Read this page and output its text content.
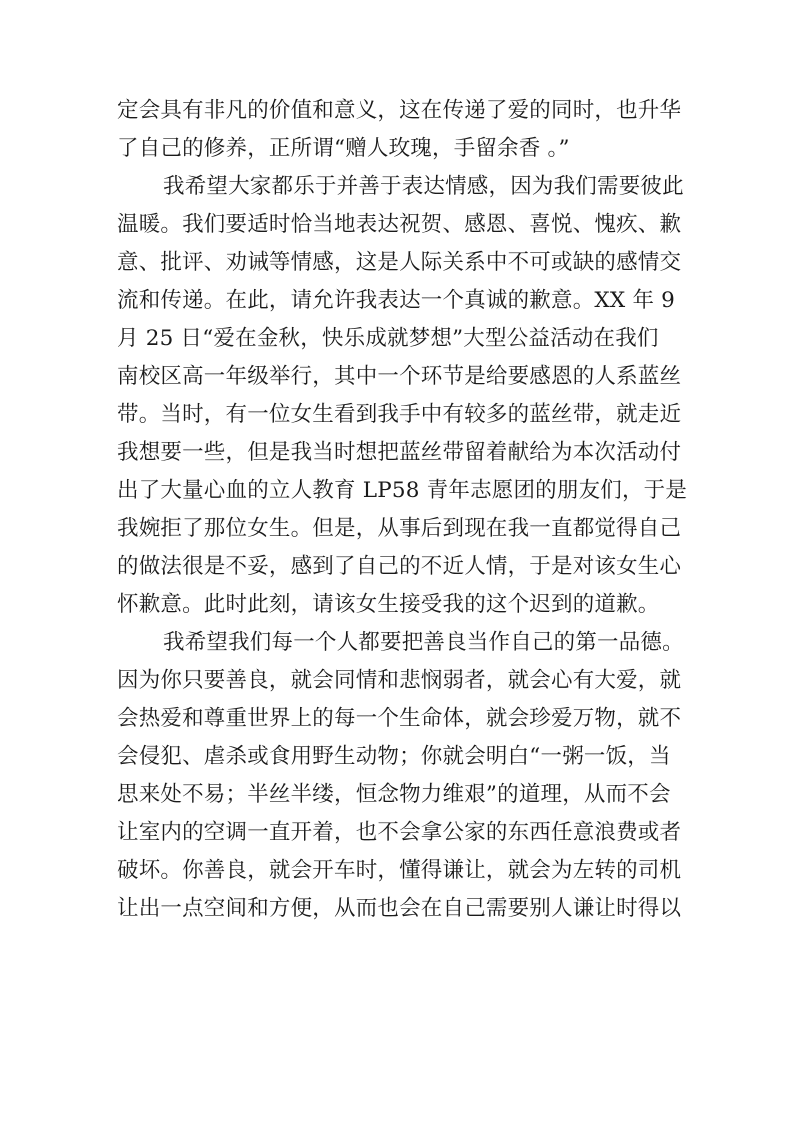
定会具有非凡的价值和意义，这在传递了爱的同时，也升华
了自己的修养，正所谓“赠人玫瑰，手留余香 。”
我希望大家都乐于并善于表达情感，因为我们需要彼此
温暖。我们要适时恰当地表达祝贺、感恩、喜悦、愧疚、歉
意、批评、劝诫等情感，这是人际关系中不可或缺的感情交
流和传递。在此，请允许我表达一个真诚的歉意。XX 年 9
月 25 日“爱在金秋，快乐成就梦想”大型公益活动在我们
南校区高一年级举行，其中一个环节是给要感恩的人系蓝丝
带。当时，有一位女生看到我手中有较多的蓝丝带，就走近
我想要一些，但是我当时想把蓝丝带留着献给为本次活动付
出了大量心血的立人教育 LP58 青年志愿团的朋友们，于是
我婉拒了那位女生。但是，从事后到现在我一直都觉得自己
的做法很是不妥，感到了自己的不近人情，于是对该女生心
怀歉意。此时此刻，请该女生接受我的这个迟到的道歉。
我希望我们每一个人都要把善良当作自己的第一品德。
因为你只要善良，就会同情和悲悯弱者，就会心有大爱，就
会热爱和尊重世界上的每一个生命体，就会珍爱万物，就不
会侵犯、虐杀或食用野生动物；你就会明白“一粥一饭，当
思来处不易；半丝半缕，恒念物力维艰”的道理，从而不会
让室内的空调一直开着，也不会拿公家的东西任意浪费或者
破坏。你善良，就会开车时，懂得谦让，就会为左转的司机
让出一点空间和方便，从而也会在自己需要别人谦让时得以
